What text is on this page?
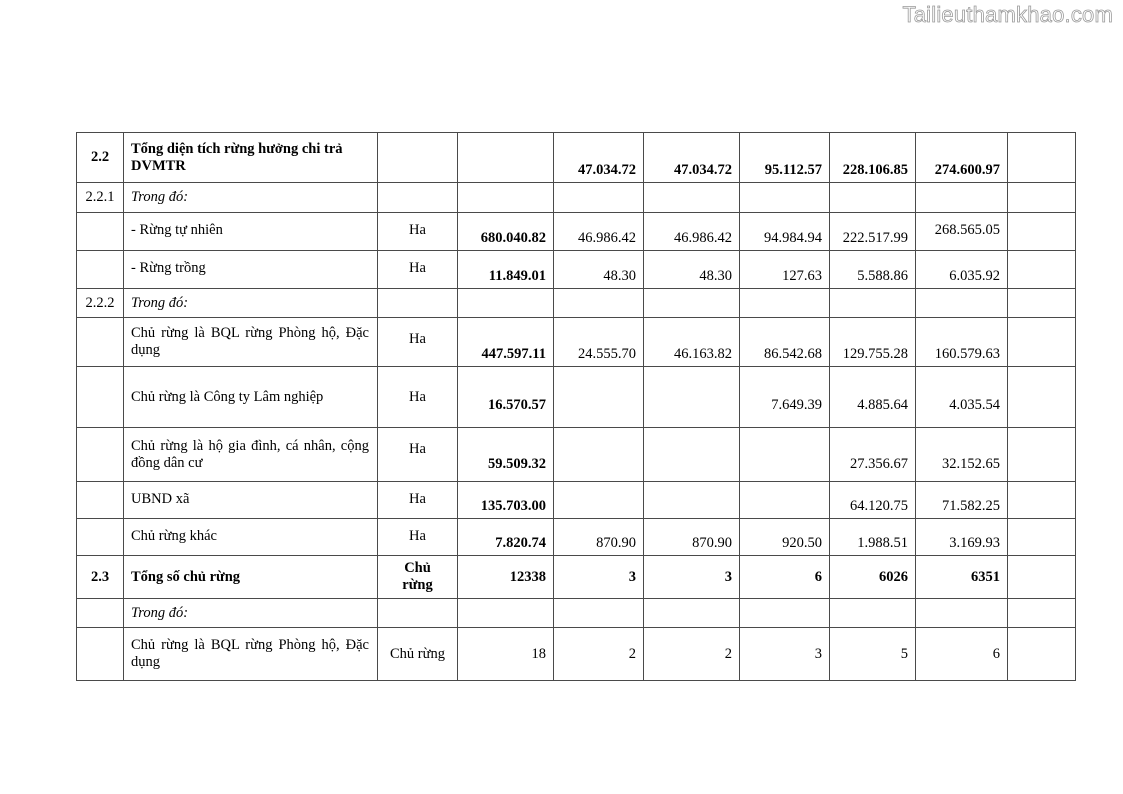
Tailieuthamkhao.com
2.2	Tổng diện tích rừng hưởng chi trả DVMTR			47.034.72	47.034.72	95.112.57	228.106.85	274.600.97	
2.2.1	Trong đó:								
	- Rừng tự nhiên	Ha	680.040.82	46.986.42	46.986.42	94.984.94	222.517.99	268.565.05	
	- Rừng trồng	Ha	11.849.01	48.30	48.30	127.63	5.588.86	6.035.92	
2.2.2	Trong đó:								
	Chủ rừng là BQL rừng Phòng hộ, Đặc dụng	Ha	447.597.11	24.555.70	46.163.82	86.542.68	129.755.28	160.579.63	
	Chủ rừng là Công ty Lâm nghiệp	Ha	16.570.57			7.649.39	4.885.64	4.035.54	
	Chủ rừng là hộ gia đình, cá nhân, cộng đồng dân cư	Ha	59.509.32				27.356.67	32.152.65	
	UBND xã	Ha	135.703.00				64.120.75	71.582.25	
	Chủ rừng khác	Ha	7.820.74	870.90	870.90	920.50	1.988.51	3.169.93	
2.3	Tổng số chủ rừng	Chủ rừng	12338	3	3	6	6026	6351	
	Trong đó:								
	Chủ rừng là BQL rừng Phòng hộ, Đặc dụng	Chủ rừng	18	2	2	3	5	6	
